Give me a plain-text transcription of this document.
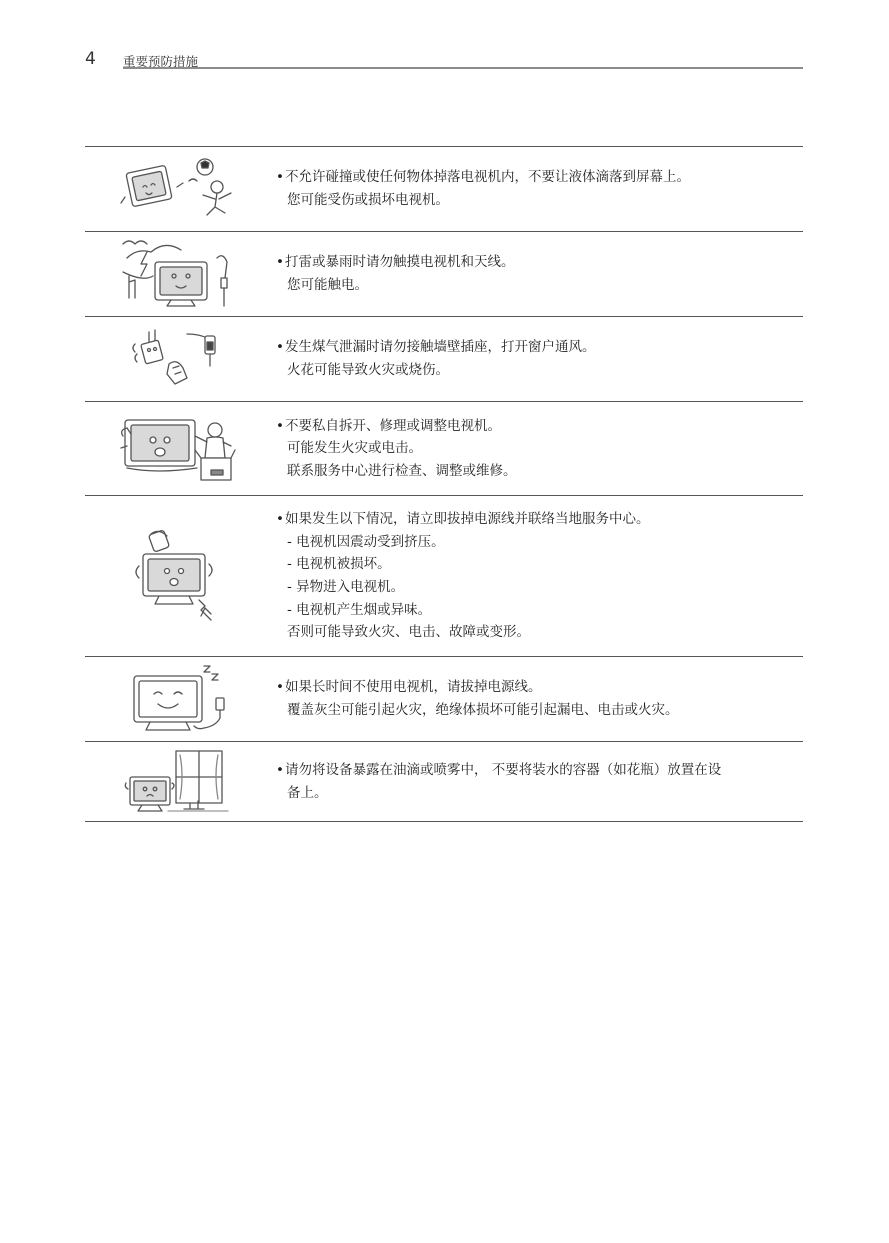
4 重要预防措施
• 不允许碰撞或使任何物体掉落电视机内，不要让液体滴落到屏幕上。
您可能受伤或损坏电视机。
• 打雷或暴雨时请勿触摸电视机和天线。
您可能触电。
• 发生煤气泄漏时请勿接触墙壁插座，打开窗户通风。
火花可能导致火灾或烧伤。
• 不要私自拆开、修理或调整电视机。
可能发生火灾或电击。
联系服务中心进行检查、调整或维修。
• 如果发生以下情况，请立即拔掉电源线并联络当地服务中心。
- 电视机因震动受到挤压。
- 电视机被损坏。
- 异物进入电视机。
- 电视机产生烟或异味。
否则可能导致火灾、电击、故障或变形。
• 如果长时间不使用电视机，请拔掉电源线。
覆盖灰尘可能引起火灾，绝缘体损坏可能引起漏电、电击或火灾。
• 请勿将设备暴露在油滴或喷雾中， 不要将装水的容器（如花瓶）放置在设
备上。
